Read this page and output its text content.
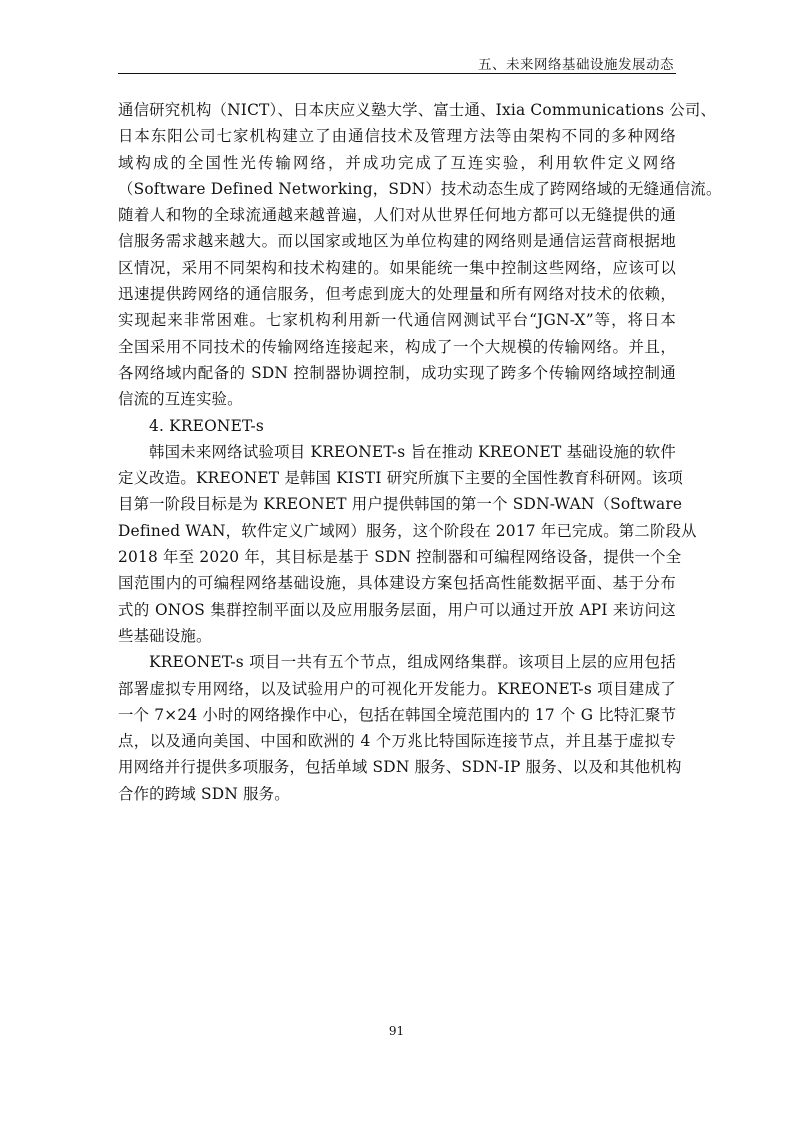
五、未来网络基础设施发展动态
通信研究机构（NICT）、日本庆应义塾大学、富士通、Ixia Communications 公司、
日本东阳公司七家机构建立了由通信技术及管理方法等由架构不同的多种网络
域构成的全国性光传输网络，并成功完成了互连实验，利用软件定义网络
（Software Defined Networking，SDN）技术动态生成了跨网络域的无缝通信流。
随着人和物的全球流通越来越普遍，人们对从世界任何地方都可以无缝提供的通
信服务需求越来越大。而以国家或地区为单位构建的网络则是通信运营商根据地
区情况，采用不同架构和技术构建的。如果能统一集中控制这些网络，应该可以
迅速提供跨网络的通信服务，但考虑到庞大的处理量和所有网络对技术的依赖，
实现起来非常困难。七家机构利用新一代通信网测试平台“JGN-X”等，将日本
全国采用不同技术的传输网络连接起来，构成了一个大规模的传输网络。并且，
各网络域内配备的 SDN 控制器协调控制，成功实现了跨多个传输网络域控制通
信流的互连实验。
4. KREONET-s
韩国未来网络试验项目 KREONET-s 旨在推动 KREONET 基础设施的软件
定义改造。KREONET 是韩国 KISTI 研究所旗下主要的全国性教育科研网。该项
目第一阶段目标是为 KREONET 用户提供韩国的第一个 SDN-WAN（Software
Defined WAN，软件定义广域网）服务，这个阶段在 2017 年已完成。第二阶段从
2018 年至 2020 年，其目标是基于 SDN 控制器和可编程网络设备，提供一个全
国范围内的可编程网络基础设施，具体建设方案包括高性能数据平面、基于分布
式的 ONOS 集群控制平面以及应用服务层面，用户可以通过开放 API 来访问这
些基础设施。
KREONET-s 项目一共有五个节点，组成网络集群。该项目上层的应用包括
部署虚拟专用网络，以及试验用户的可视化开发能力。KREONET-s 项目建成了
一个 7×24 小时的网络操作中心，包括在韩国全境范围内的 17 个 G 比特汇聚节
点，以及通向美国、中国和欧洲的 4 个万兆比特国际连接节点，并且基于虚拟专
用网络并行提供多项服务，包括单域 SDN 服务、SDN-IP 服务、以及和其他机构
合作的跨域 SDN 服务。
91
